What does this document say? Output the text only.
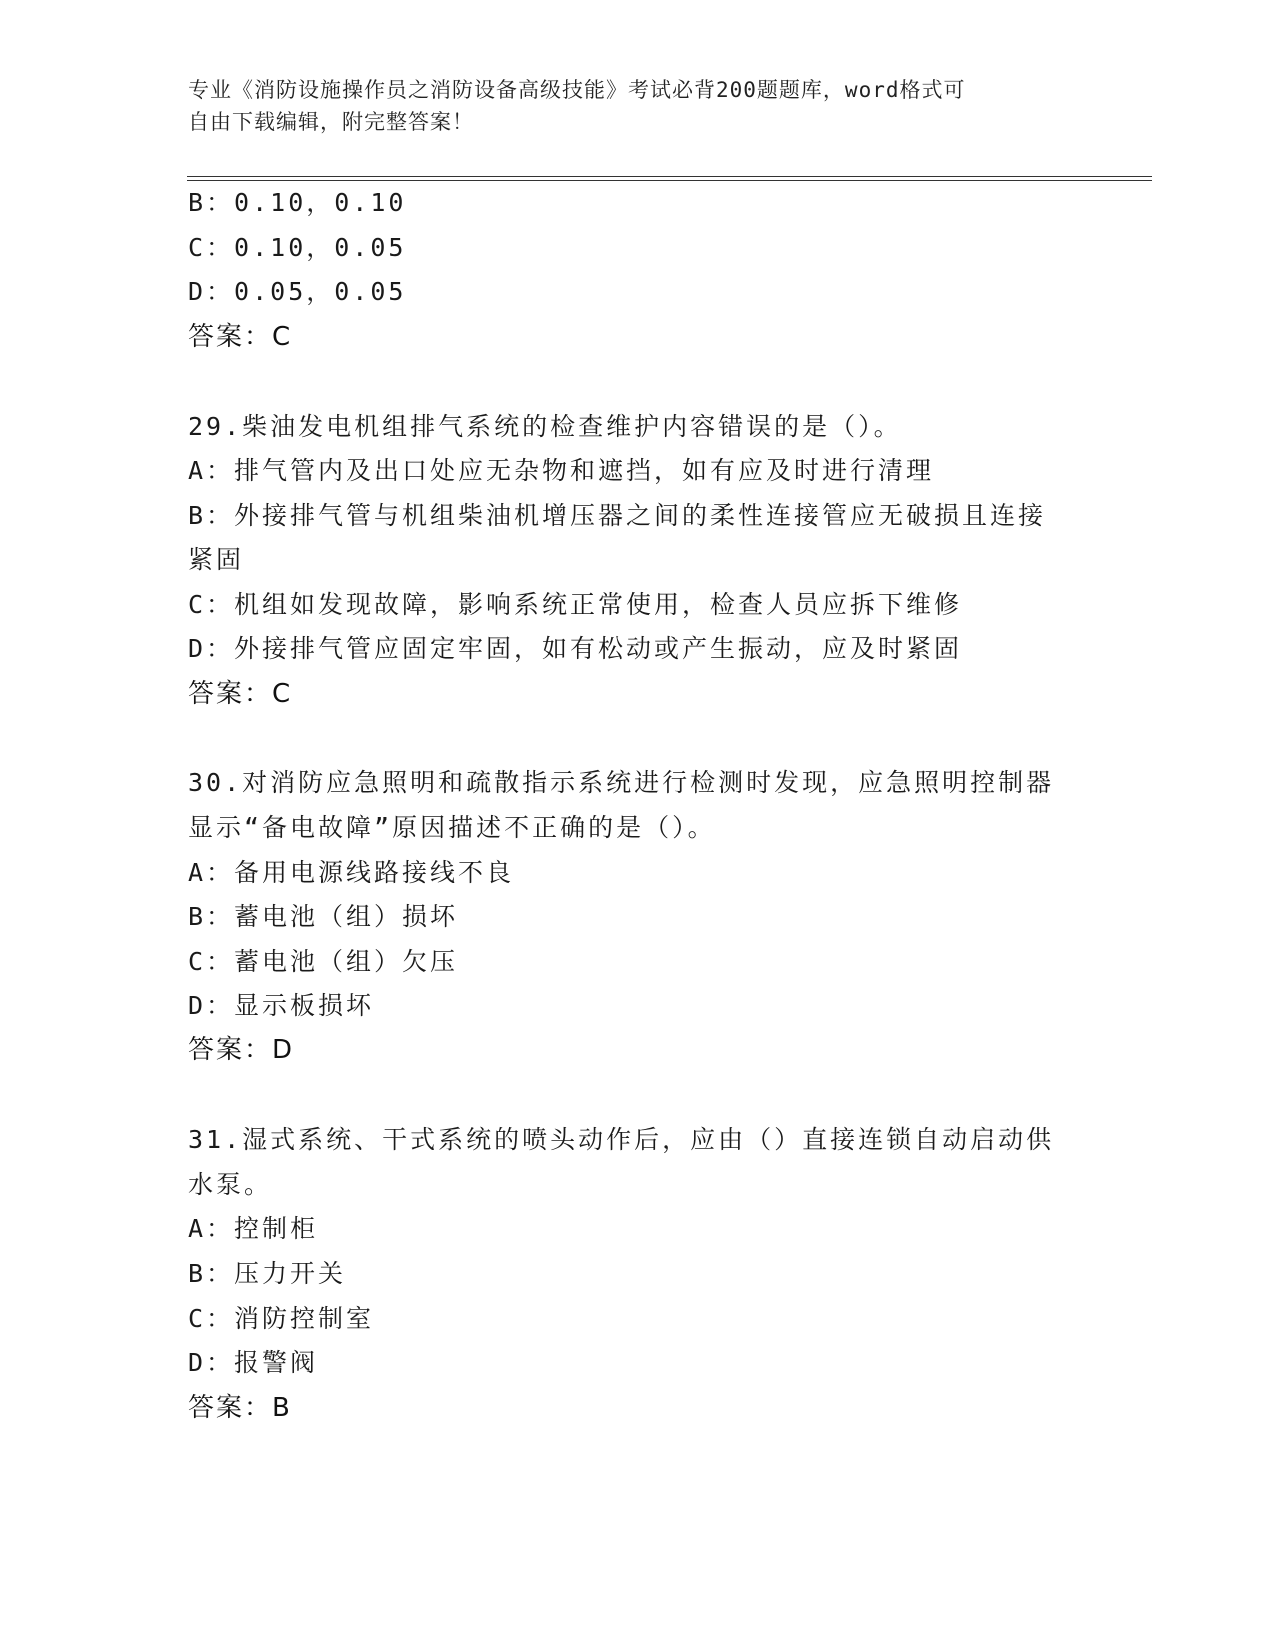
专业《消防设施操作员之消防设备高级技能》考试必背200题题库，word格式可
自由下载编辑，附完整答案！
B：0.10，0.10
C：0.10，0.05
D：0.05，0.05
答案：C
29.柴油发电机组排气系统的检查维护内容错误的是（）。
A：排气管内及出口处应无杂物和遮挡，如有应及时进行清理
B：外接排气管与机组柴油机增压器之间的柔性连接管应无破损且连接
紧固
C：机组如发现故障，影响系统正常使用，检查人员应拆下维修
D：外接排气管应固定牢固，如有松动或产生振动，应及时紧固
答案：C
30.对消防应急照明和疏散指示系统进行检测时发现，应急照明控制器
显示“备电故障”原因描述不正确的是（）。
A：备用电源线路接线不良
B：蓄电池（组）损坏
C：蓄电池（组）欠压
D：显示板损坏
答案：D
31.湿式系统、干式系统的喷头动作后，应由（）直接连锁自动启动供
水泵。
A：控制柜
B：压力开关
C：消防控制室
D：报警阀
答案：B
